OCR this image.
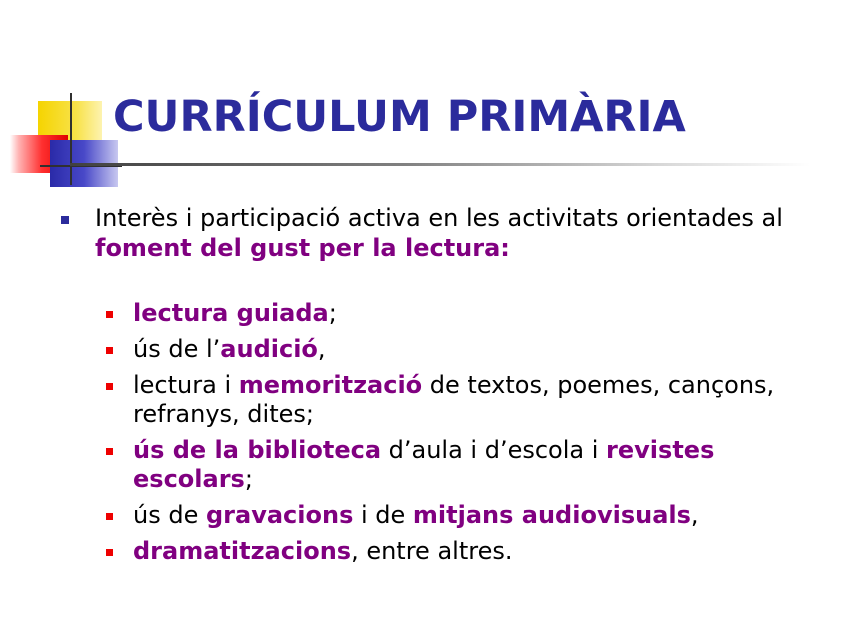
CURRÍCULUM PRIMÀRIA
Interès i participació activa en les activitats orientades al foment del gust per la lectura:
lectura guiada;
ús de l’audició,
lectura i memorització de textos, poemes, cançons, refranys, dites;
ús de la biblioteca d’aula i d’escola i revistes escolars;
ús de gravacions i de mitjans audiovisuals,
dramatitzacions, entre altres.
